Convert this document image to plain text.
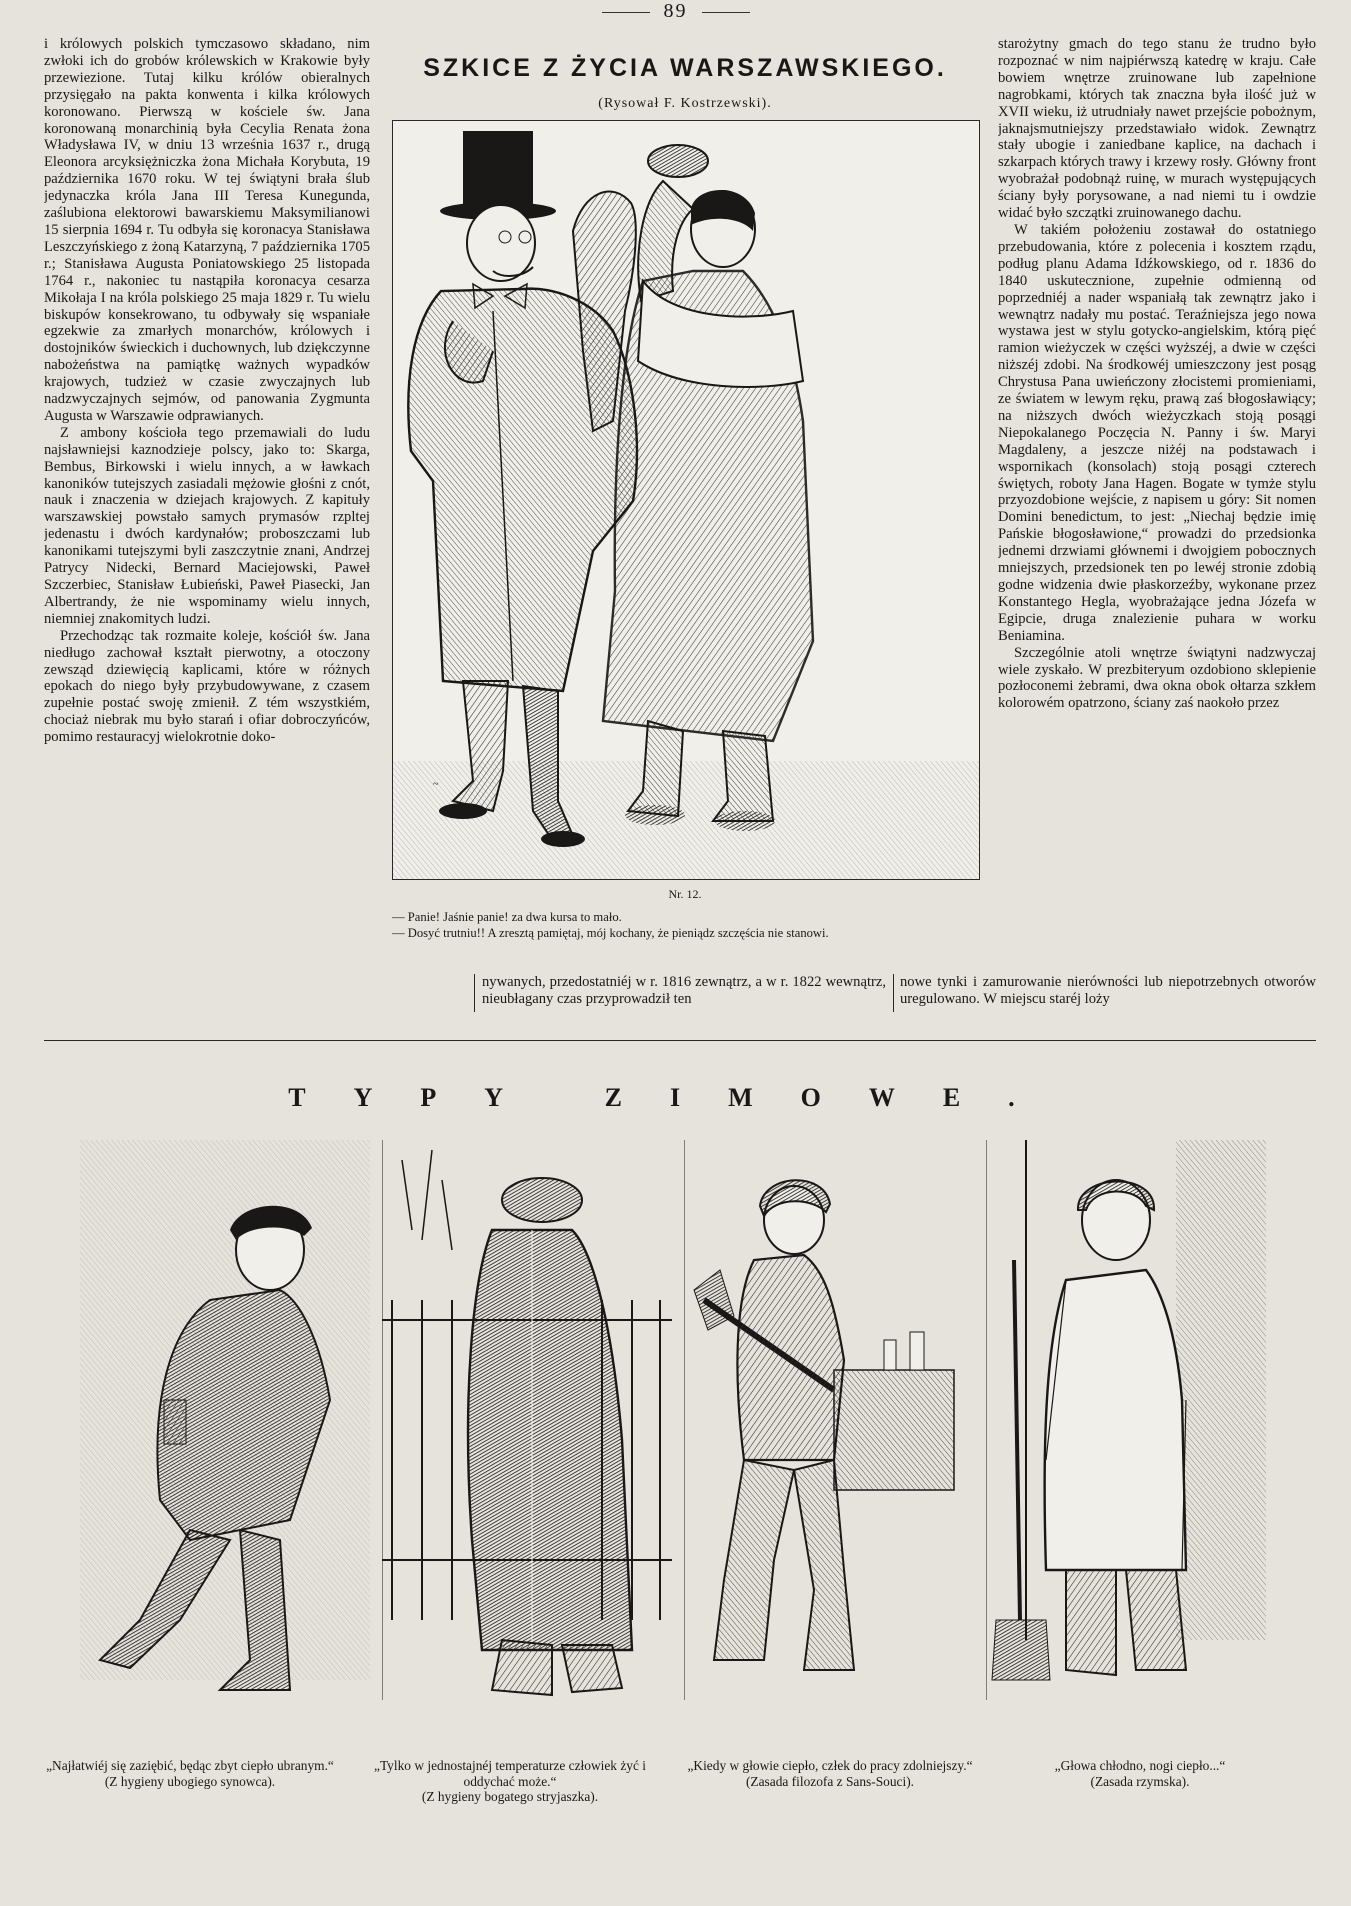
89

i królowych polskich tymczasowo składano, nim zwłoki ich do grobów królewskich w Krakowie były przewiezione. Tutaj kilku królów obieralnych przysięgało na pakta konwenta i kilka królowych koronowano. Pierwszą w kościele św. Jana koronowaną monarchinią była Cecylia Renata żona Władysława IV, w dniu 13 września 1637 r., drugą Eleonora arcyksiężniczka żona Michała Korybuta, 19 października 1670 roku. W tej świątyni brała ślub jedynaczka króla Jana III Teresa Kunegunda, zaślubiona elektorowi bawarskiemu Maksymilianowi 15 sierpnia 1694 r. Tu odbyła się koronacya Stanisława Leszczyńskiego z żoną Katarzyną, 7 października 1705 r.; Stanisława Augusta Poniatowskiego 25 listopada 1764 r., nakoniec tu nastąpiła koronacya cesarza Mikołaja I na króla polskiego 25 maja 1829 r. Tu wielu biskupów konsekrowano, tu odbywały się wspaniałe egzekwie za zmarłych monarchów, królowych i dostojników świeckich i duchownych, lub dziękczynne nabożeństwa na pamiątkę ważnych wypadków krajowych, tudzież w czasie zwyczajnych lub nadzwyczajnych sejmów, od panowania Zygmunta Augusta w Warszawie odprawianych.

Z ambony kościoła tego przemawiali do ludu najsławniejsi kaznodzieje polscy, jako to: Skarga, Bembus, Birkowski i wielu innych, a w ławkach kanoników tutejszych zasiadali mężowie głośni z cnót, nauk i znaczenia w dziejach krajowych. Z kapituły warszawskiej powstało samych prymasów rzpltej jedenastu i dwóch kardynałów; proboszczami lub kanonikami tutejszymi byli zaszczytnie znani, Andrzej Patrycy Nidecki, Bernard Maciejowski, Paweł Szczerbiec, Stanisław Łubieński, Paweł Piasecki, Jan Albertrandy, że nie wspominamy wielu innych, niemniej znakomitych ludzi.

Przechodząc tak rozmaite koleje, kościół św. Jana niedługo zachował kształt pierwotny, a otoczony zewsząd dziewięcią kaplicami, które w różnych epokach do niego były przybudowywane, z czasem zupełnie postać swoję zmienił. Z tém wszystkiém, chociaż niebrak mu było starań i ofiar dobroczyńców, pomimo restauracyj wielokrotnie doko-

SZKICE Z ŻYCIA WARSZAWSKIEGO.
(Rysował F. Kostrzewski).
~
Nr. 12.
— Panie! Jaśnie panie! za dwa kursa to mało.
— Dosyć trutniu!! A zresztą pamiętaj, mój kochany, że pieniądz szczęścia nie stanowi.

starożytny gmach do tego stanu że trudno było rozpoznać w nim najpiérwszą katedrę w kraju. Całe bowiem wnętrze zruinowane lub zapełnione nagrobkami, których tak znaczna była ilość już w XVII wieku, iż utrudniały nawet przejście pobożnym, jaknajsmutniejszy przedstawiało widok. Zewnątrz stały ubogie i zaniedbane kaplice, na dachach i szkarpach których trawy i krzewy rosły. Główny front wyobrażał podobnąż ruinę, w murach występujących ściany były porysowane, a nad niemi tu i owdzie widać było szczątki zruinowanego dachu.

W takiém położeniu zostawał do ostatniego przebudowania, które z polecenia i kosztem rządu, podług planu Adama Idźkowskiego, od r. 1836 do 1840 uskutecznione, zupełnie odmienną od poprzedniéj a nader wspaniałą tak zewnątrz jako i wewnątrz nadały mu postać. Teraźniejsza jego nowa wystawa jest w stylu gotycko-angielskim, którą pięć ramion wieżyczek w części wyższéj, a dwie w części niższéj zdobi. Na środkowéj umieszczony jest posąg Chrystusa Pana uwieńczony złocistemi promieniami, ze światem w lewym ręku, prawą zaś błogosławiący; na niższych dwóch wieżyczkach stoją posągi Niepokalanego Poczęcia N. Panny i św. Maryi Magdaleny, a jeszcze niżéj na podstawach i wspornikach (konsolach) stoją posągi czterech świętych, roboty Jana Hagen. Bogate w tymże stylu przyozdobione wejście, z napisem u góry: Sit nomen Domini benedictum, to jest: „Niechaj będzie imię Pańskie błogosławione,“ prowadzi do przedsionka jednemi drzwiami głównemi i dwojgiem pobocznych mniejszych, przedsionek ten po lewéj stronie zdobią godne widzenia dwie płaskorzeźby, wykonane przez Konstantego Hegla, wyobrażające jedna Józefa w Egipcie, druga znalezienie puhara w worku Beniamina.

Szczególnie atoli wnętrze świątyni nadzwyczaj wiele zyskało. W prezbiteryum ozdobiono sklepienie pozłoconemi żebrami, dwa okna obok ołtarza szkłem kolorowém opatrzono, ściany zaś naokoło przez

nywanych, przedostatniéj w r. 1816 zewnątrz, a w r. 1822 wewnątrz, nieubłagany czas przyprowadził ten
nowe tynki i zamurowanie nierówności lub niepotrzebnych otworów uregulowano. W miejscu staréj loży
TYPY ZIMOWE.
„Najłatwiéj się zaziębić, będąc zbyt ciepło ubranym.“
(Z hygieny ubogiego synowca).
„Tylko w jednostajnéj temperaturze człowiek żyć i oddychać może.“
(Z hygieny bogatego stryjaszka).
„Kiedy w głowie ciepło, człek do pracy zdolniejszy.“
(Zasada filozofa z Sans-Souci).
„Głowa chłodno, nogi ciepło...“
(Zasada rzymska).
